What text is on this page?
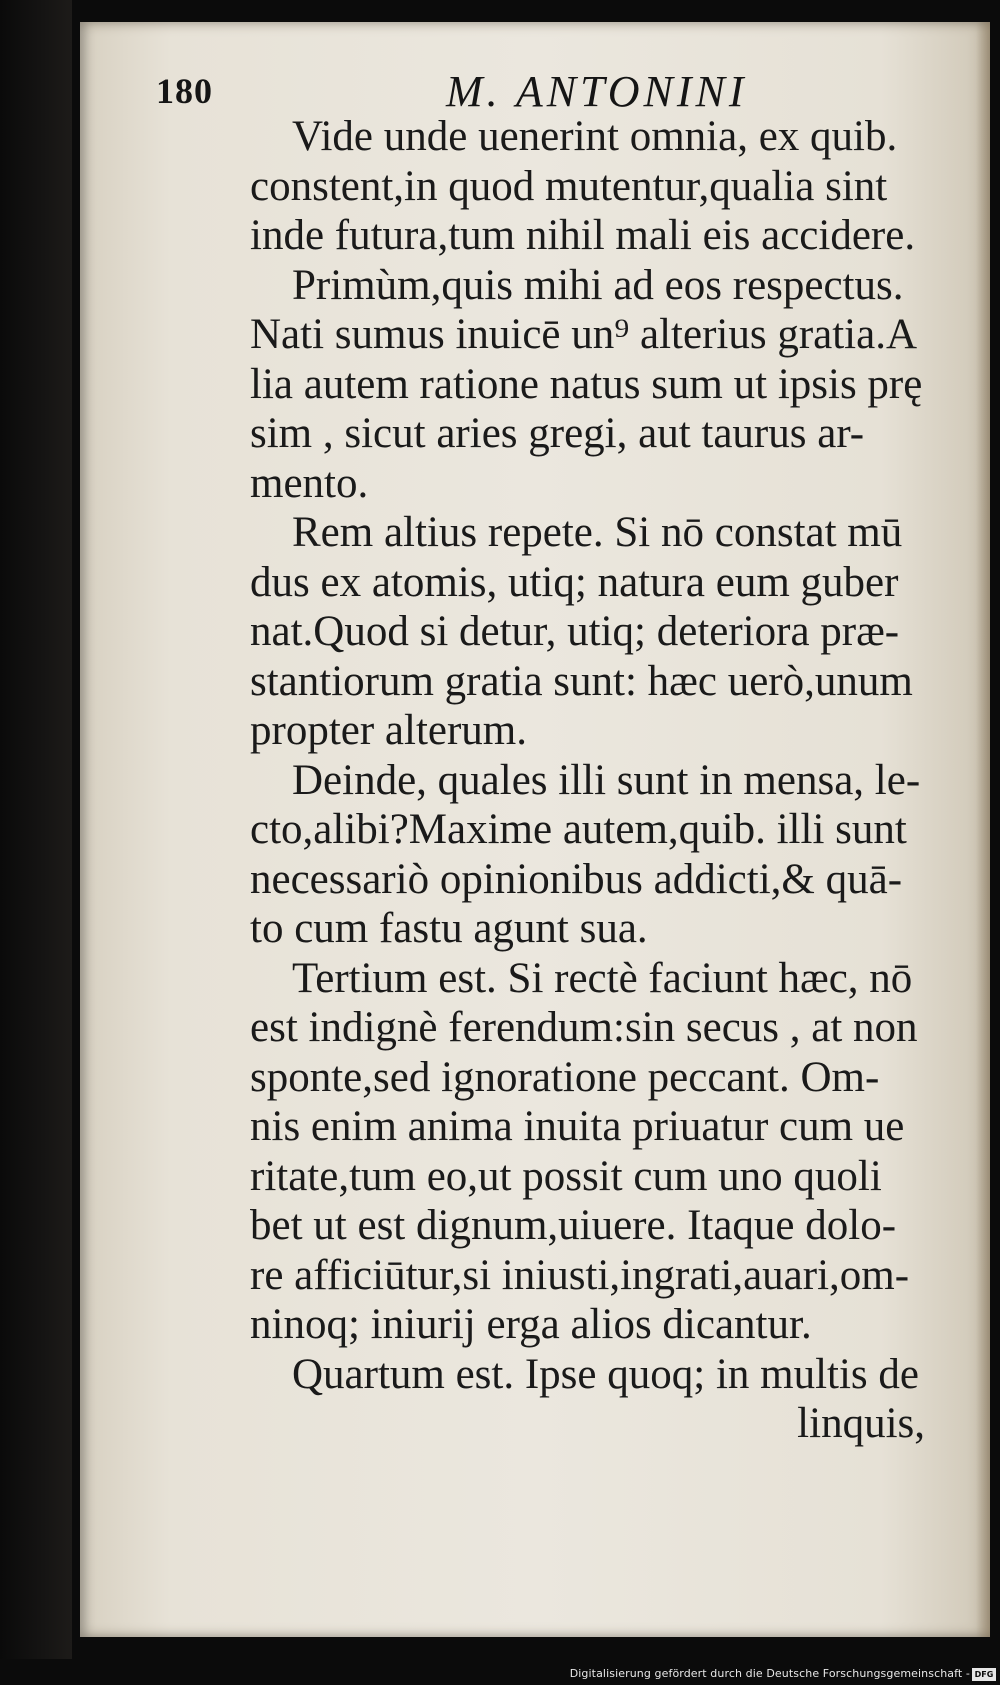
180	M. ANTONINI
Vide unde uenerint omnia, ex quib.
constent,in quod mutentur,qualia sint
inde futura,tum nihil mali eis accidere.
Primùm,quis mihi ad eos respectus.
Nati sumus inuicē un⁹ alterius gratia.A
lia autem ratione natus sum ut ipsis prę
sim , sicut aries gregi, aut taurus ar-
mento.
Rem altius repete. Si nō constat mū
dus ex atomis, utiq; natura eum guber
nat.Quod si detur, utiq; deteriora præ-
stantiorum gratia sunt: hæc uerò,unum
propter alterum.
Deinde, quales illi sunt in mensa, le-
cto,alibi?Maxime autem,quib. illi sunt
necessariò opinionibus addicti,& quā-
to cum fastu agunt sua.
Tertium est. Si rectè faciunt hæc, nō
est indignè ferendum:sin secus , at non
sponte,sed ignoratione peccant. Om-
nis enim anima inuita priuatur cum ue
ritate,tum eo,ut possit cum uno quoli
bet ut est dignum,uiuere. Itaque dolo-
re afficiūtur,si iniusti,ingrati,auari,om-
ninoq; iniurij erga alios dicantur.
Quartum est. Ipse quoq; in multis de
linquis,
Digitalisierung gefördert durch die Deutsche Forschungsgemeinschaft - DFG
